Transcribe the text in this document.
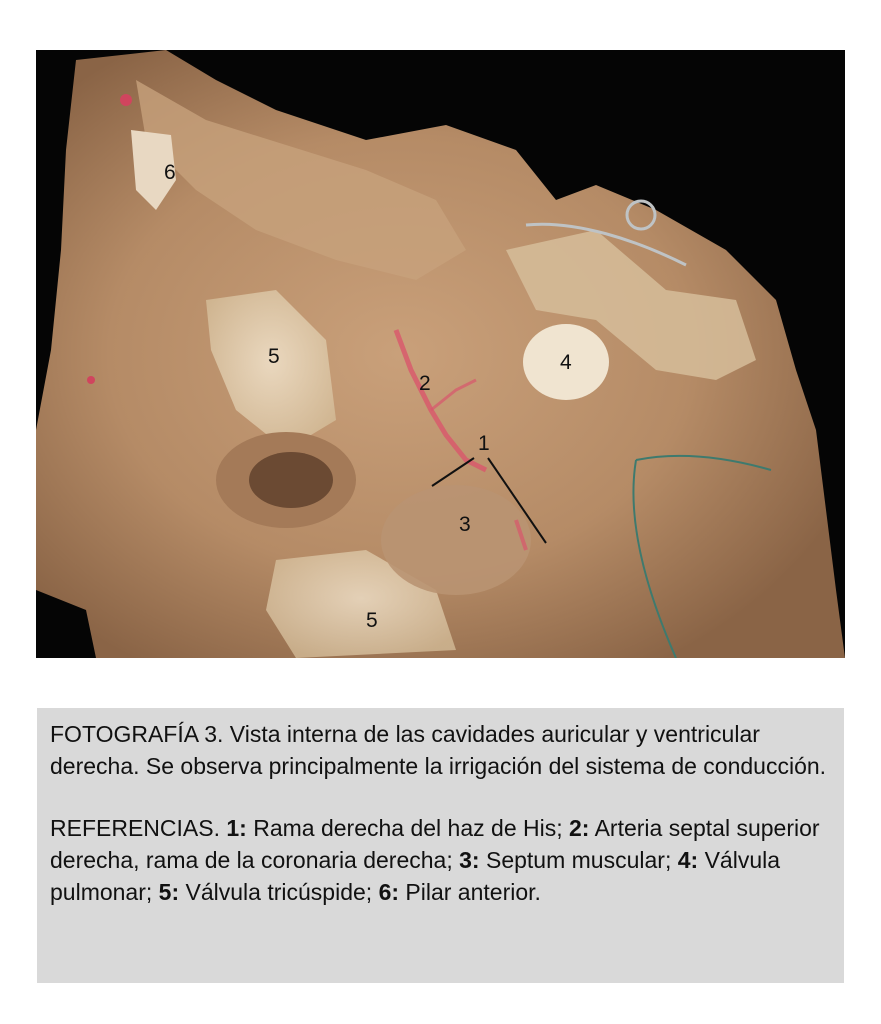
6
5
2
1
4
3
5

FOTOGRAFÍA 3. Vista interna de las cavidades auricular y ventricular derecha. Se observa principalmente la irrigación del sistema de conducción.

REFERENCIAS. 1: Rama derecha del haz de His; 2: Arteria septal superior derecha, rama de la coronaria derecha; 3: Septum muscular; 4: Válvula pulmonar; 5: Válvula tricúspide; 6: Pilar anterior.
